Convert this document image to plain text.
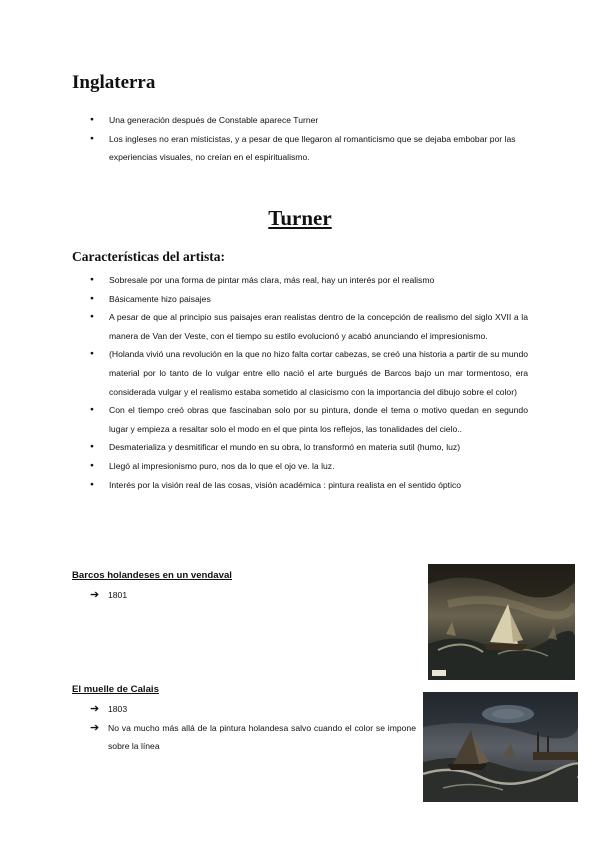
Inglaterra
● Una generación después de Constable aparece Turner
● Los ingleses no eran misticistas, y a pesar de que llegaron al romanticismo que se dejaba embobar por las experiencias visuales, no creían en el espiritualismo.
Turner
Características del artista:
● Sobresale por una forma de pintar más clara, más real, hay un interés por el realismo
● Básicamente hizo paisajes
● A pesar de que al principio sus paisajes eran realistas dentro de la concepción de realismo del siglo XVII a la manera de Van der Veste, con el tiempo su estilo evolucionó y acabó anunciando el impresionismo.
● (Holanda vivió una revolución en la que no hizo falta cortar cabezas, se creó una historia a partir de su mundo material por lo tanto de lo vulgar entre ello nació el arte burgués de Barcos bajo un mar tormentoso, era considerada vulgar y el realismo estaba sometido al clasicismo con la importancia del dibujo sobre el color)
● Con el tiempo creó obras que fascinaban solo por su pintura, donde el tema o motivo quedan en segundo lugar y empieza a resaltar solo el modo en el que pinta los reflejos, las tonalidades del cielo..
● Desmaterializa y desmitificar el mundo en su obra, lo transformó en materia sutil (humo, luz)
● Llegó al impresionismo puro, nos da lo que el ojo ve. la luz.
● Interés por la visión real de las cosas, visión académica : pintura realista en el sentido óptico

Barcos holandeses en un vendaval

➔ 1801

El muelle de Calais

➔ 1803
➔ No va mucho más allá de la pintura holandesa salvo cuando el color se impone sobre la línea
